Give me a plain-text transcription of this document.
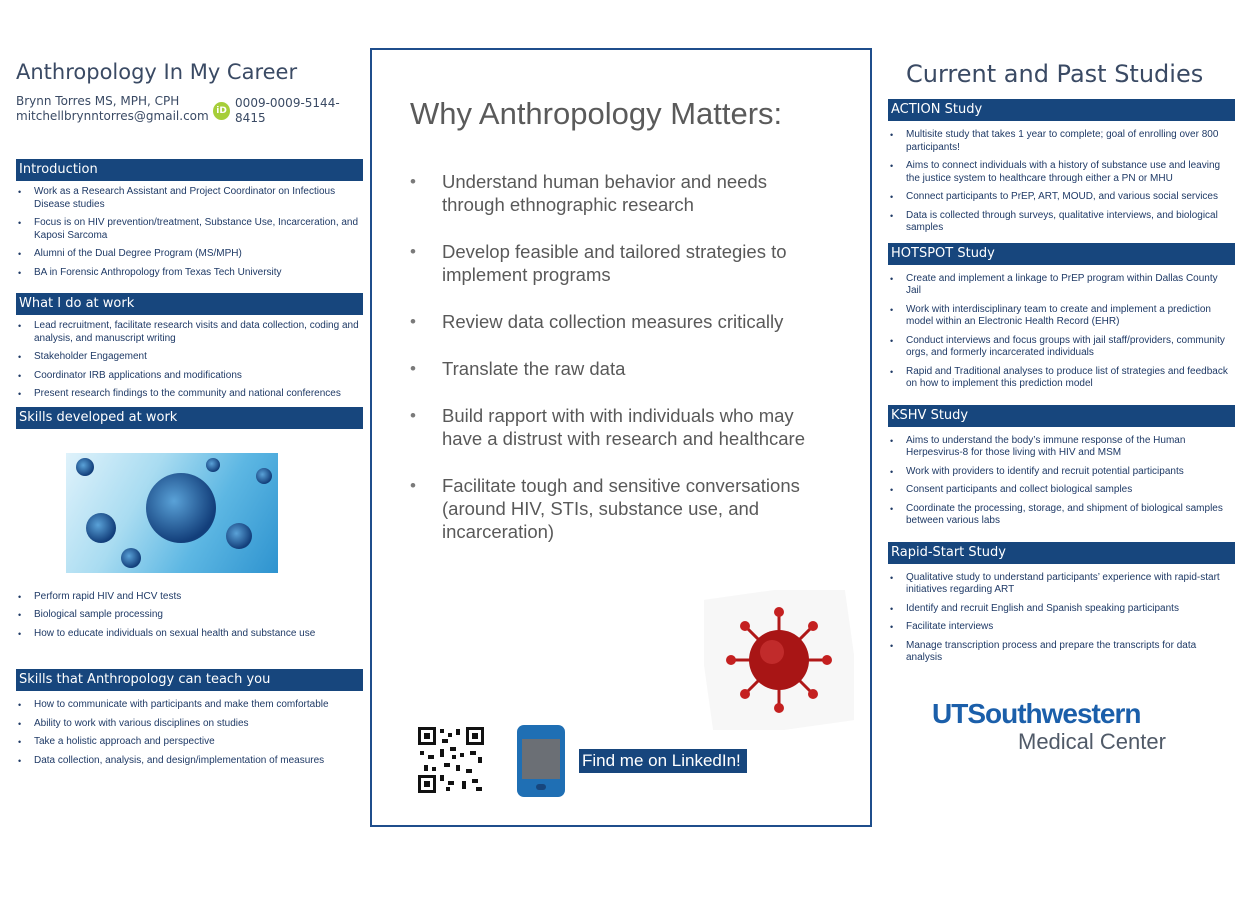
Anthropology In My Career
Brynn Torres MS, MPH, CPH
mitchellbrynntorres@gmail.com iD
0009-0009-5144-8415
Introduction
• Work as a Research Assistant and Project Coordinator on Infectious Disease studies
• Focus is on HIV prevention/treatment, Substance Use, Incarceration, and Kaposi Sarcoma
• Alumni of the Dual Degree Program (MS/MPH)
• BA in Forensic Anthropology from Texas Tech University
What I do at work
• Lead recruitment, facilitate research visits and data collection, coding and analysis, and manuscript writing
• Stakeholder Engagement
• Coordinator IRB applications and modifications
• Present research findings to the community and national conferences
Skills developed at work
• Perform rapid HIV and HCV tests
• Biological sample processing
• How to educate individuals on sexual health and substance use
Skills that Anthropology can teach you
• How to communicate with participants and make them comfortable
• Ability to work with various disciplines on studies
• Take a holistic approach and perspective
• Data collection, analysis, and design/implementation of measures
Why Anthropology Matters:
• Understand human behavior and needs through ethnographic research
• Develop feasible and tailored strategies to implement programs
• Review data collection measures critically
• Translate the raw data
• Build rapport with with individuals who may have a distrust with research and healthcare
• Facilitate tough and sensitive conversations (around HIV, STIs, substance use, and incarceration)
Find me on LinkedIn!
Current and Past Studies
ACTION Study
• Multisite study that takes 1 year to complete; goal of enrolling over 800 participants!
• Aims to connect individuals with a history of substance use and leaving the justice system to healthcare through either a PN or MHU
• Connect participants to PrEP, ART, MOUD, and various social services
• Data is collected through surveys, qualitative interviews, and biological samples
HOTSPOT Study
• Create and implement a linkage to PrEP program within Dallas County Jail
• Work with interdisciplinary team to create and implement a prediction model within an Electronic Health Record (EHR)
• Conduct interviews and focus groups with jail staff/providers, community orgs, and formerly incarcerated individuals
• Rapid and Traditional analyses to produce list of strategies and feedback on how to implement this prediction model
KSHV Study
• Aims to understand the body’s immune response of the Human Herpesvirus-8 for those living with HIV and MSM
• Work with providers to identify and recruit potential participants
• Consent participants and collect biological samples
• Coordinate the processing, storage, and shipment of biological samples between various labs
Rapid-Start Study
• Qualitative study to understand participants’ experience with rapid-start initiatives regarding ART
• Identify and recruit English and Spanish speaking participants
• Facilitate interviews
• Manage transcription process and prepare the transcripts for data analysis
UTSouthwestern
Medical Center
